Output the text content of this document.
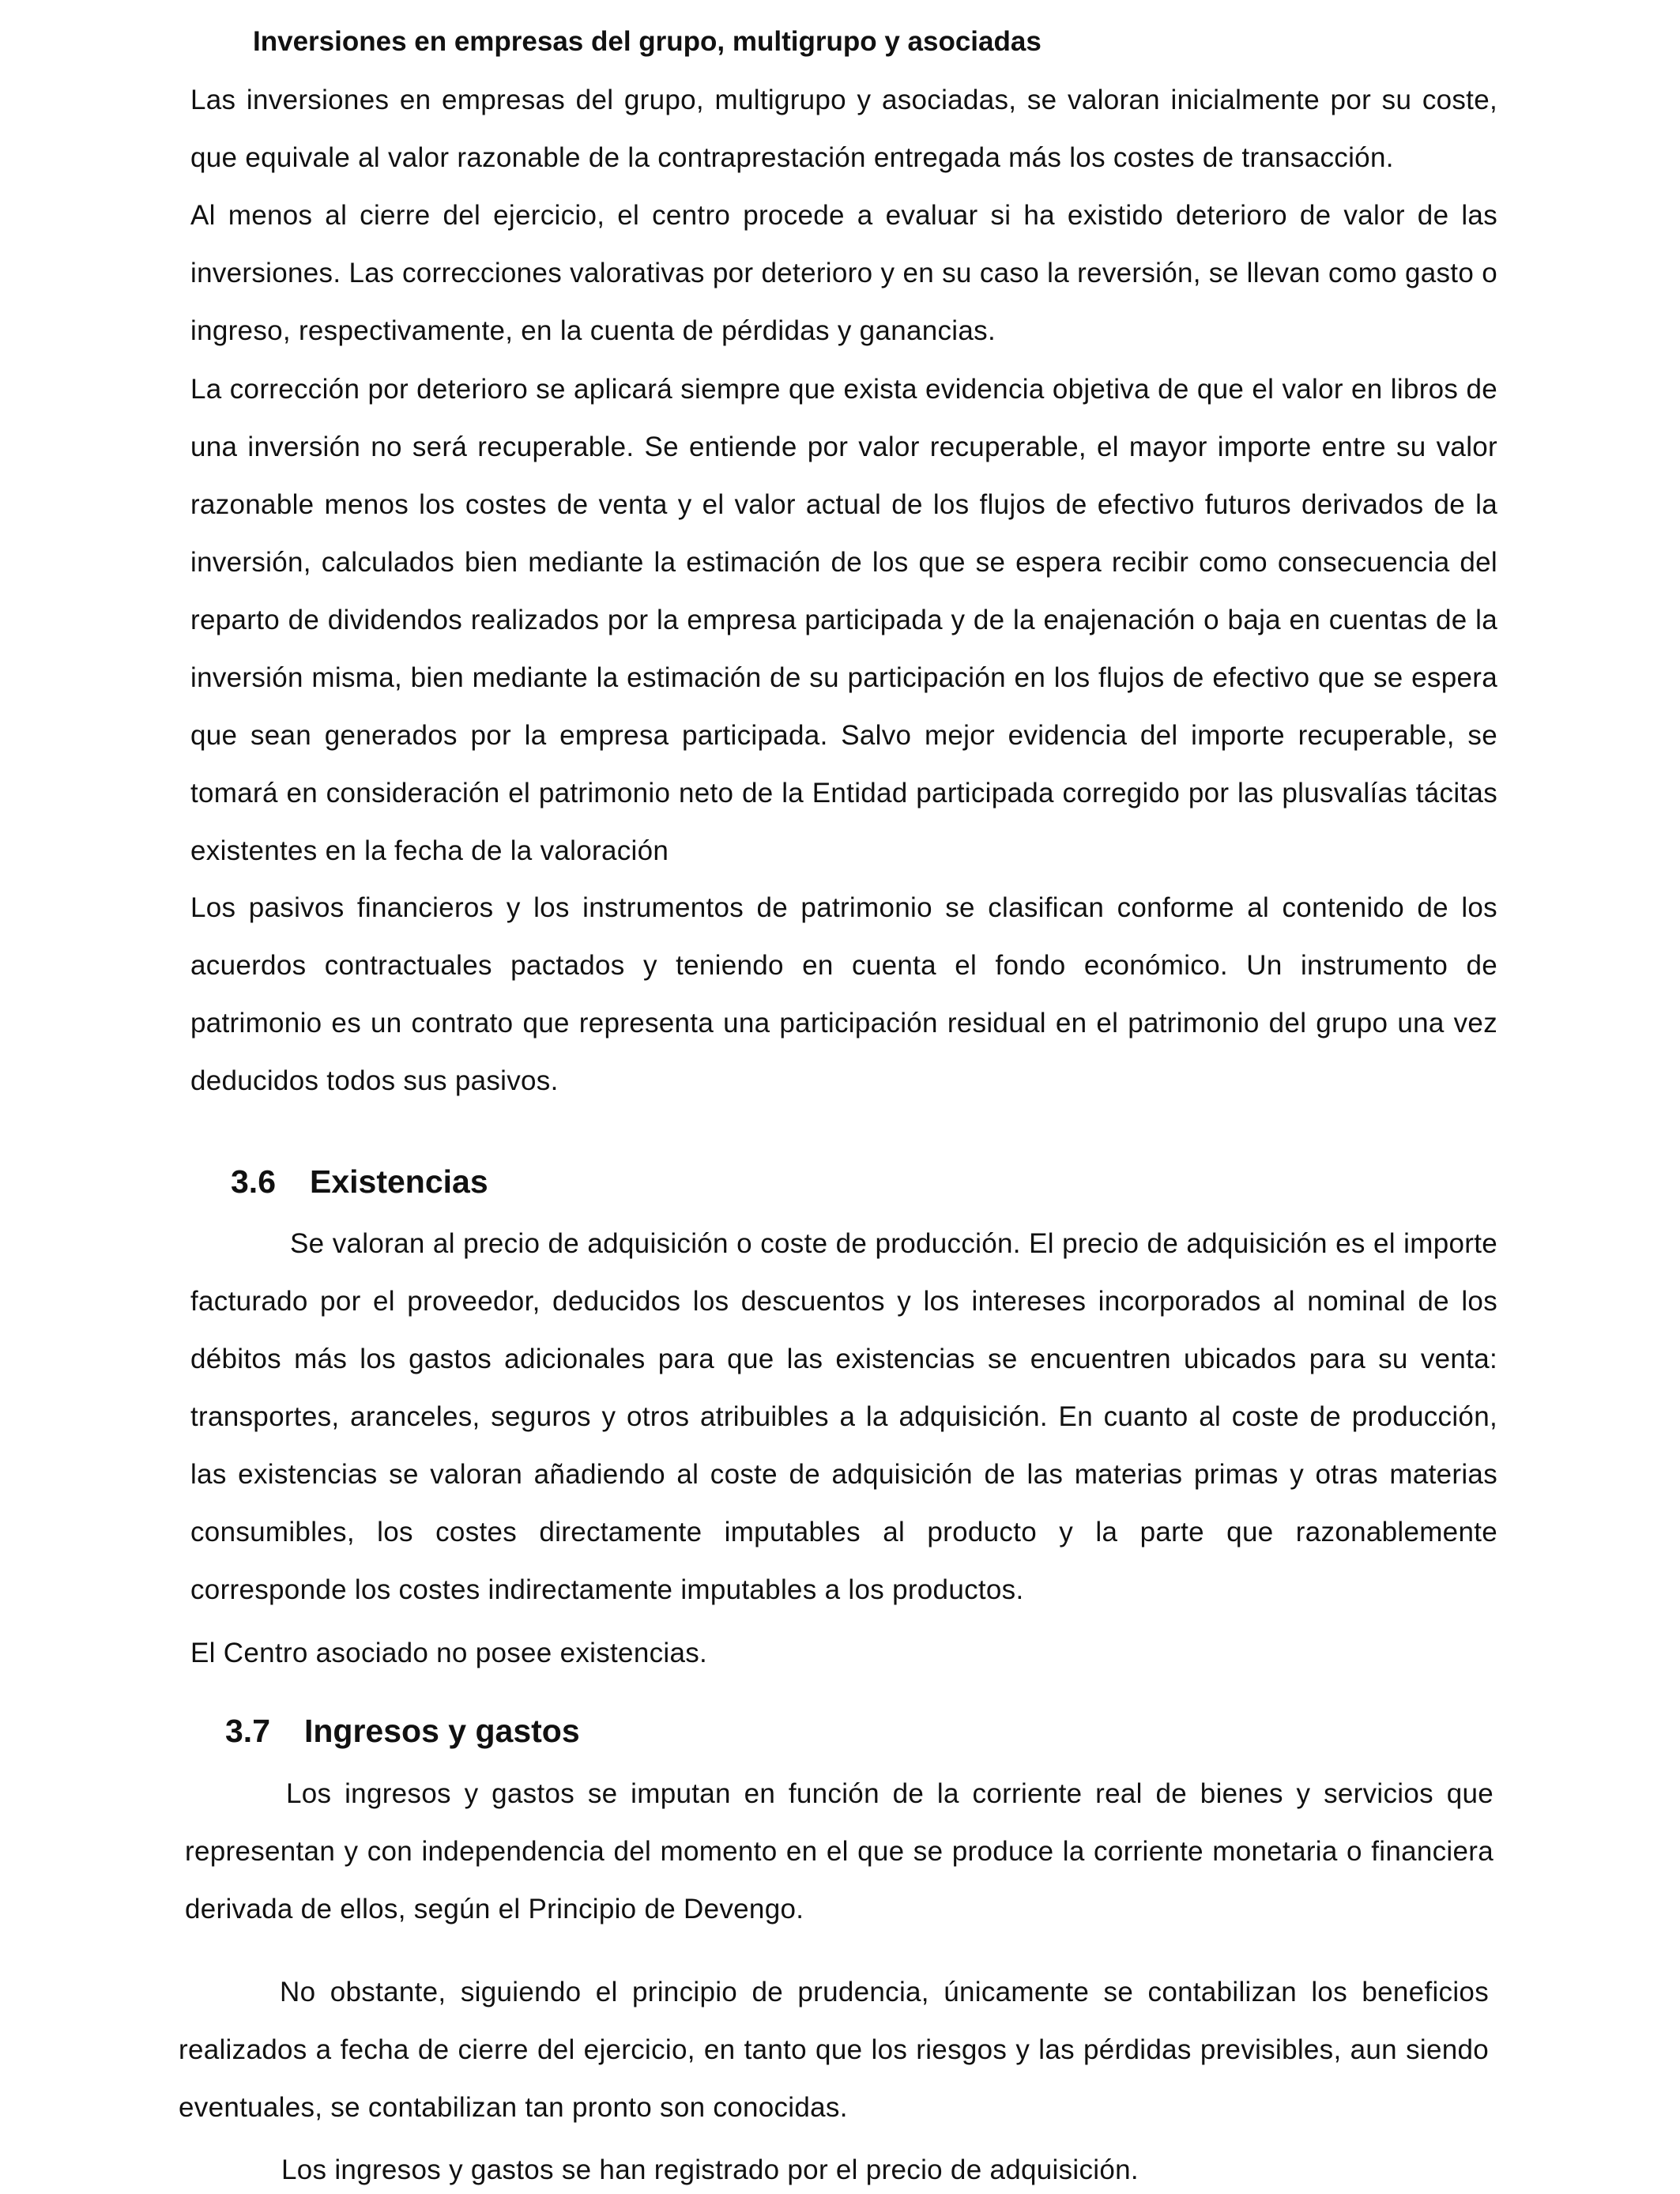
Inversiones en empresas del grupo, multigrupo y asociadas

Las inversiones en empresas del grupo, multigrupo y asociadas, se valoran inicialmente por su coste, que equivale al valor razonable de la contraprestación entregada más los costes de transacción.

Al menos al cierre del ejercicio, el centro procede a evaluar si ha existido deterioro de valor de las inversiones. Las correcciones valorativas por deterioro y en su caso la reversión, se llevan como gasto o ingreso, respectivamente, en la cuenta de pérdidas y ganancias.

La corrección por deterioro se aplicará siempre que exista evidencia objetiva de que el valor en libros de una inversión no será recuperable. Se entiende por valor recuperable, el mayor importe entre su valor razonable menos los costes de venta y el valor actual de los flujos de efectivo futuros derivados de la inversión, calculados bien mediante la estimación de los que se espera recibir como consecuencia del reparto de dividendos realizados por la empresa participada y de la enajenación o baja en cuentas de la inversión misma, bien mediante la estimación de su participación en los flujos de efectivo que se espera que sean generados por la empresa participada. Salvo mejor evidencia del importe recuperable, se tomará en consideración el patrimonio neto de la Entidad participada corregido por las plusvalías tácitas existentes en la fecha de la valoración

Los pasivos financieros y los instrumentos de patrimonio se clasifican conforme al contenido de los acuerdos contractuales pactados y teniendo en cuenta el fondo económico. Un instrumento de patrimonio es un contrato que representa una participación residual en el patrimonio del grupo una vez deducidos todos sus pasivos.

3.6 Existencias

Se valoran al precio de adquisición o coste de producción. El precio de adquisición es el importe facturado por el proveedor, deducidos los descuentos y los intereses incorporados al nominal de los débitos más los gastos adicionales para que las existencias se encuentren ubicados para su venta: transportes, aranceles, seguros y otros atribuibles a la adquisición. En cuanto al coste de producción, las existencias se valoran añadiendo al coste de adquisición de las materias primas y otras materias consumibles, los costes directamente imputables al producto y la parte que razonablemente corresponde los costes indirectamente imputables a los productos.

El Centro asociado no posee existencias.

3.7 Ingresos y gastos

Los ingresos y gastos se imputan en función de la corriente real de bienes y servicios que representan y con independencia del momento en el que se produce la corriente monetaria o financiera derivada de ellos, según el Principio de Devengo.

No obstante, siguiendo el principio de prudencia, únicamente se contabilizan los beneficios realizados a fecha de cierre del ejercicio, en tanto que los riesgos y las pérdidas previsibles, aun siendo eventuales, se contabilizan tan pronto son conocidas.

Los ingresos y gastos se han registrado por el precio de adquisición.
